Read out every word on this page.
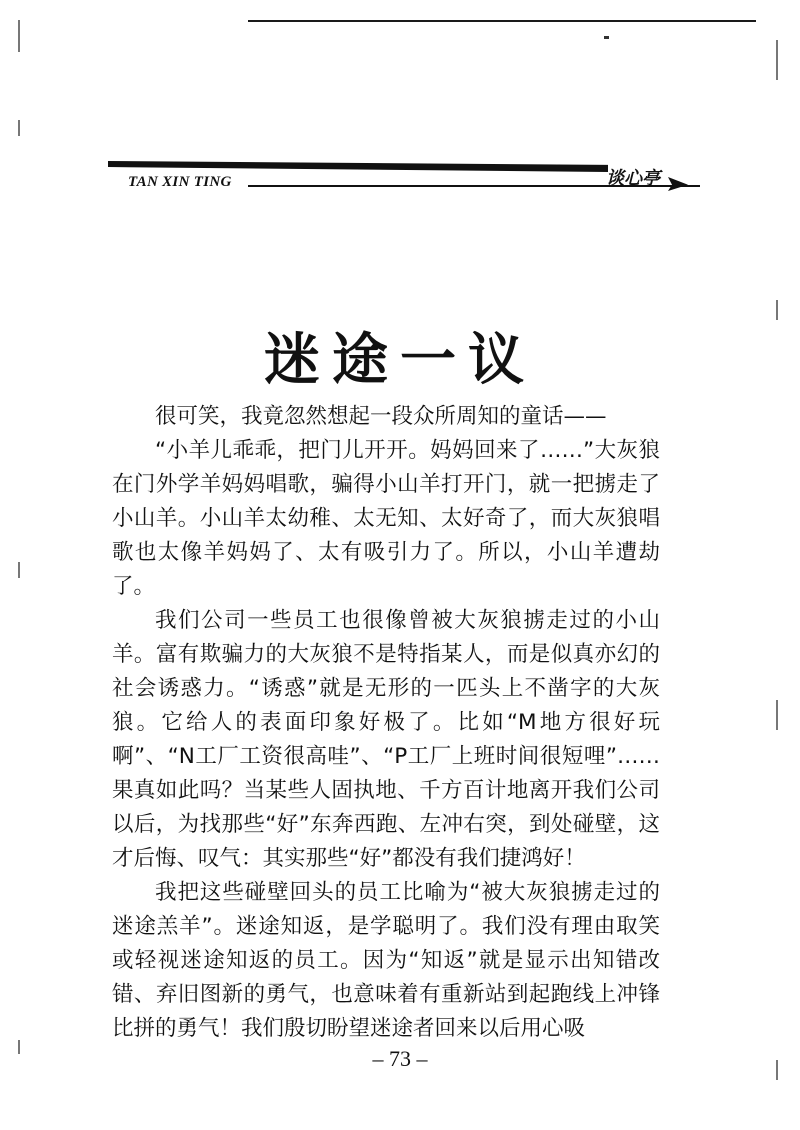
TAN XIN TING	谈心亭
迷途一议

很可笑，我竟忽然想起一段众所周知的童话——

“小羊儿乖乖，把门儿开开。妈妈回来了……”大灰狼在门外学羊妈妈唱歌，骗得小山羊打开门，就一把掳走了小山羊。小山羊太幼稚、太无知、太好奇了，而大灰狼唱歌也太像羊妈妈了、太有吸引力了。所以，小山羊遭劫了。

我们公司一些员工也很像曾被大灰狼掳走过的小山羊。富有欺骗力的大灰狼不是特指某人，而是似真亦幻的社会诱惑力。“诱惑”就是无形的一匹头上不凿字的大灰狼。它给人的表面印象好极了。比如“M地方很好玩啊”、“N工厂工资很高哇”、“P工厂上班时间很短哩”……果真如此吗？当某些人固执地、千方百计地离开我们公司以后，为找那些“好”东奔西跑、左冲右突，到处碰壁，这才后悔、叹气：其实那些“好”都没有我们捷鸿好！

我把这些碰壁回头的员工比喻为“被大灰狼掳走过的迷途羔羊”。迷途知返，是学聪明了。我们没有理由取笑或轻视迷途知返的员工。因为“知返”就是显示出知错改错、弃旧图新的勇气，也意味着有重新站到起跑线上冲锋比拼的勇气！我们殷切盼望迷途者回来以后用心吸

– 73 –
